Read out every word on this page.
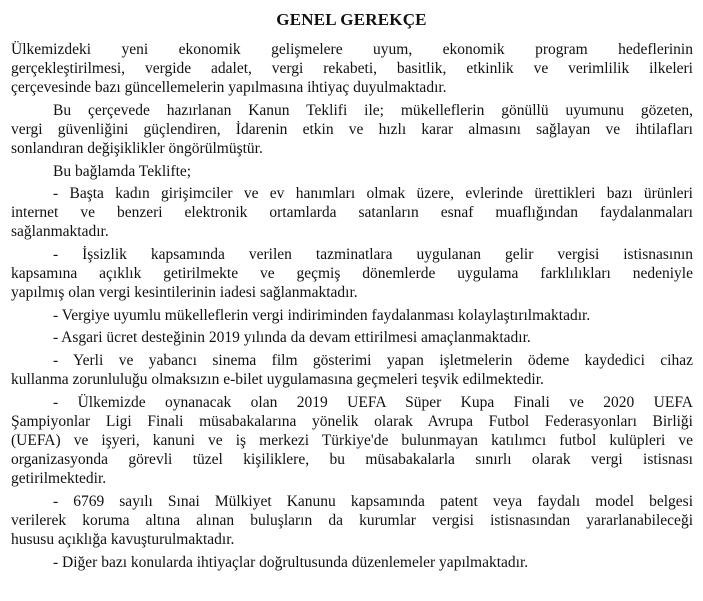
GENEL GEREKÇE
Ülkemizdeki yeni ekonomik gelişmelere uyum, ekonomik program hedeflerinin
gerçekleştirilmesi, vergide adalet, vergi rekabeti, basitlik, etkinlik ve verimlilik ilkeleri
çerçevesinde bazı güncellemelerin yapılmasına ihtiyaç duyulmaktadır.
Bu çerçevede hazırlanan Kanun Teklifi ile; mükelleflerin gönüllü uyumunu gözeten,
vergi güvenliğini güçlendiren, İdarenin etkin ve hızlı karar almasını sağlayan ve ihtilafları
sonlandıran değişiklikler öngörülmüştür.
Bu bağlamda Teklifte;
- Başta kadın girişimciler ve ev hanımları olmak üzere, evlerinde ürettikleri bazı ürünleri
internet ve benzeri elektronik ortamlarda satanların esnaf muaflığından faydalanmaları
sağlanmaktadır.
- İşsizlik kapsamında verilen tazminatlara uygulanan gelir vergisi istisnasının
kapsamına açıklık getirilmekte ve geçmiş dönemlerde uygulama farklılıkları nedeniyle
yapılmış olan vergi kesintilerinin iadesi sağlanmaktadır.
- Vergiye uyumlu mükelleflerin vergi indiriminden faydalanması kolaylaştırılmaktadır.
- Asgari ücret desteğinin 2019 yılında da devam ettirilmesi amaçlanmaktadır.
- Yerli ve yabancı sinema film gösterimi yapan işletmelerin ödeme kaydedici cihaz
kullanma zorunluluğu olmaksızın e-bilet uygulamasına geçmeleri teşvik edilmektedir.
- Ülkemizde oynanacak olan 2019 UEFA Süper Kupa Finali ve 2020 UEFA
Şampiyonlar Ligi Finali müsabakalarına yönelik olarak Avrupa Futbol Federasyonları Birliği
(UEFA) ve işyeri, kanuni ve iş merkezi Türkiye'de bulunmayan katılımcı futbol kulüpleri ve
organizasyonda görevli tüzel kişiliklere, bu müsabakalarla sınırlı olarak vergi istisnası
getirilmektedir.
- 6769 sayılı Sınai Mülkiyet Kanunu kapsamında patent veya faydalı model belgesi
verilerek koruma altına alınan buluşların da kurumlar vergisi istisnasından yararlanabileceği
hususu açıklığa kavuşturulmaktadır.
- Diğer bazı konularda ihtiyaçlar doğrultusunda düzenlemeler yapılmaktadır.
